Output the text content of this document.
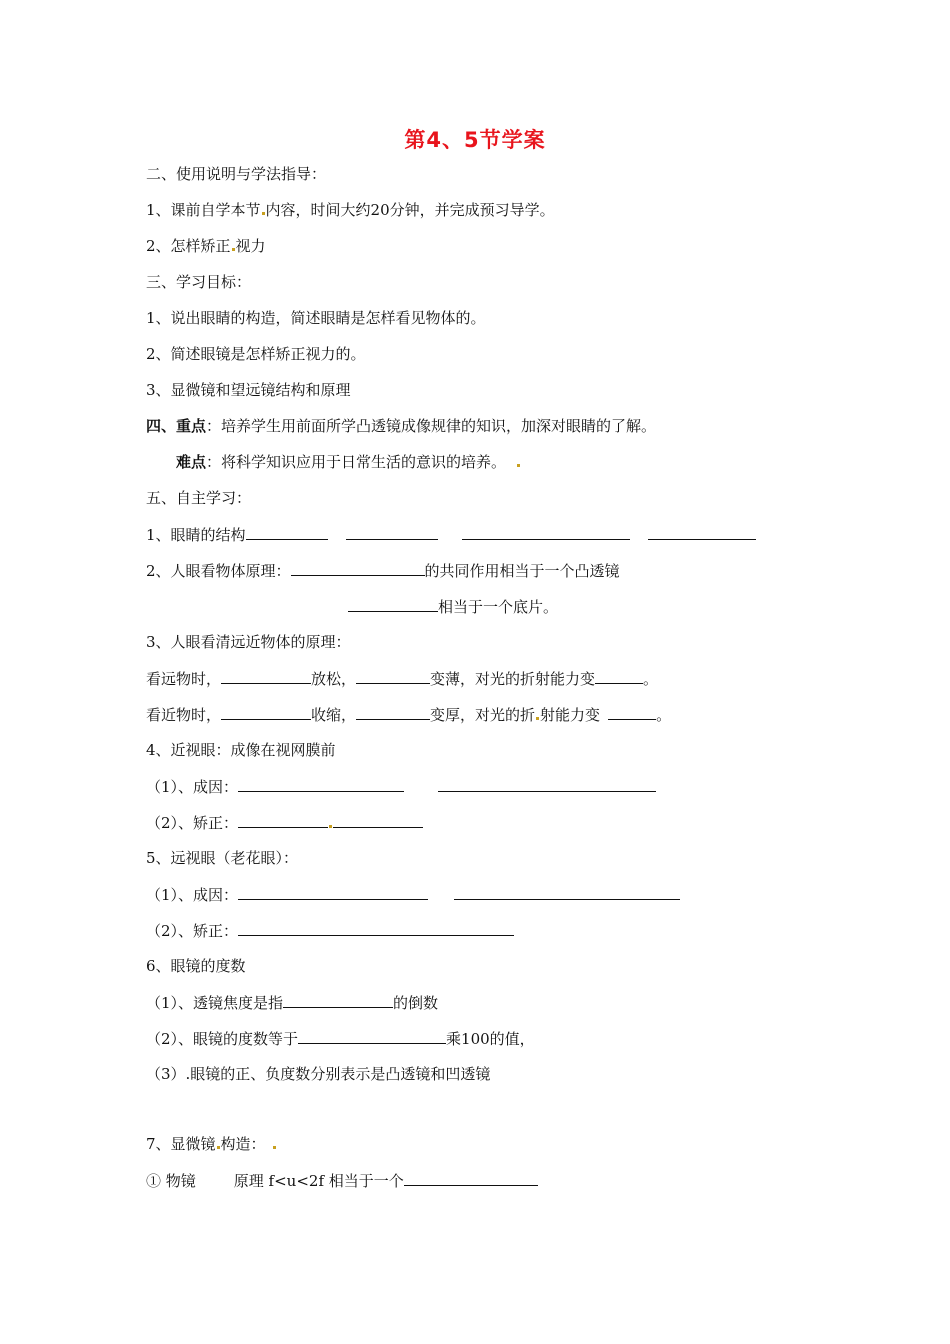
第4、5节学案
二、使用说明与学法指导：
1、课前自学本节 内容，时间大约20分钟，并完成预习导学。
2、怎样矫正 视力
三、学习目标：
1、说出眼睛的构造，简述眼睛是怎样看见物体的。
2、简述眼镜是怎样矫正视力的。
3、显微镜和望远镜结构和原理
四、重点：培养学生用前面所学凸透镜成像规律的知识，加深对眼睛的了解。
难点：将科学知识应用于日常生活的意识的培养。
五、自主学习：
1、眼睛的结构
2、人眼看物体原理：	的共同作用相当于一个凸透镜
相当于一个底片。
3、人眼看清远近物体的原理：
看远物时，	放松，	变薄，对光的折射能力变	。
看近物时，	收缩，	变厚，对光的折 射能力变	。
4、近视眼：成像在视网膜前
（1）、成因：
（2）、矫正：
5、远视眼（老花眼）：
（1）、成因：
（2）、矫正：
6、眼镜的度数
（1）、透镜焦度是指	的倒数
（2）、眼镜的度数等于	乘100的值，
（3）.眼镜的正、负度数分别表示是凸透镜和凹透镜
7、显微镜 构造：
① 物镜	原理 f<u<2f 相当于一个
